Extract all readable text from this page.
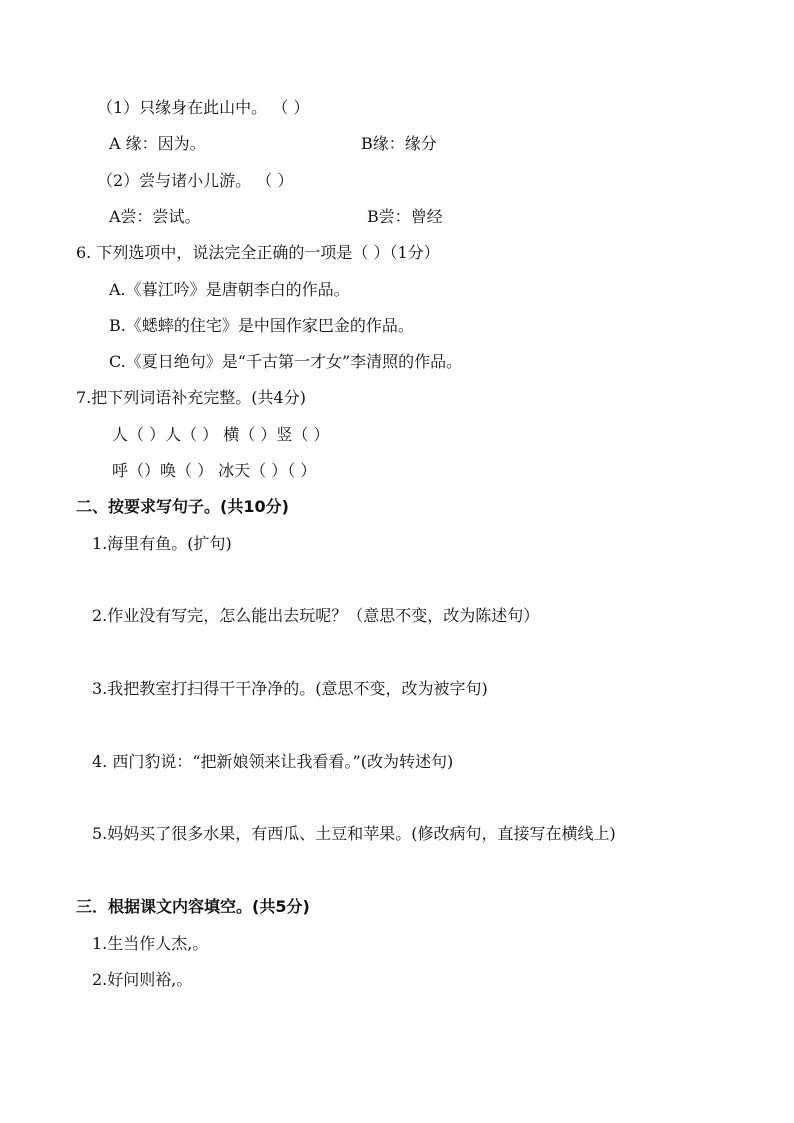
（1）只缘身在此山中。 （ ）
A 缘：因为。	B缘：缘分
（2）尝与诸小儿游。 （ ）
A尝：尝试。	B尝：曾经
6. 下列选项中，说法完全正确的一项是（ ）（1分）
A.《暮江吟》是唐朝李白的作品。
B.《蟋蟀的住宅》是中国作家巴金的作品。
C.《夏日绝句》是“千古第一才女”李清照的作品。
7.把下列词语补充完整。(共4分)
人（ ）人（ ） 横（ ）竖（ ）
呼（）唤（ ） 冰天（ ）（ ）
二、按要求写句子。(共10分)
1.海里有鱼。(扩句)
2.作业没有写完，怎么能出去玩呢？（意思不变，改为陈述句）
3.我把教室打扫得干干净净的。(意思不变，改为被字句)
4. 西门豹说：“把新娘领来让我看看。”(改为转述句)
5.妈妈买了很多水果，有西瓜、土豆和苹果。(修改病句，直接写在横线上)
三．根据课文内容填空。(共5分)
1.生当作人杰,。
2.好问则裕,。
